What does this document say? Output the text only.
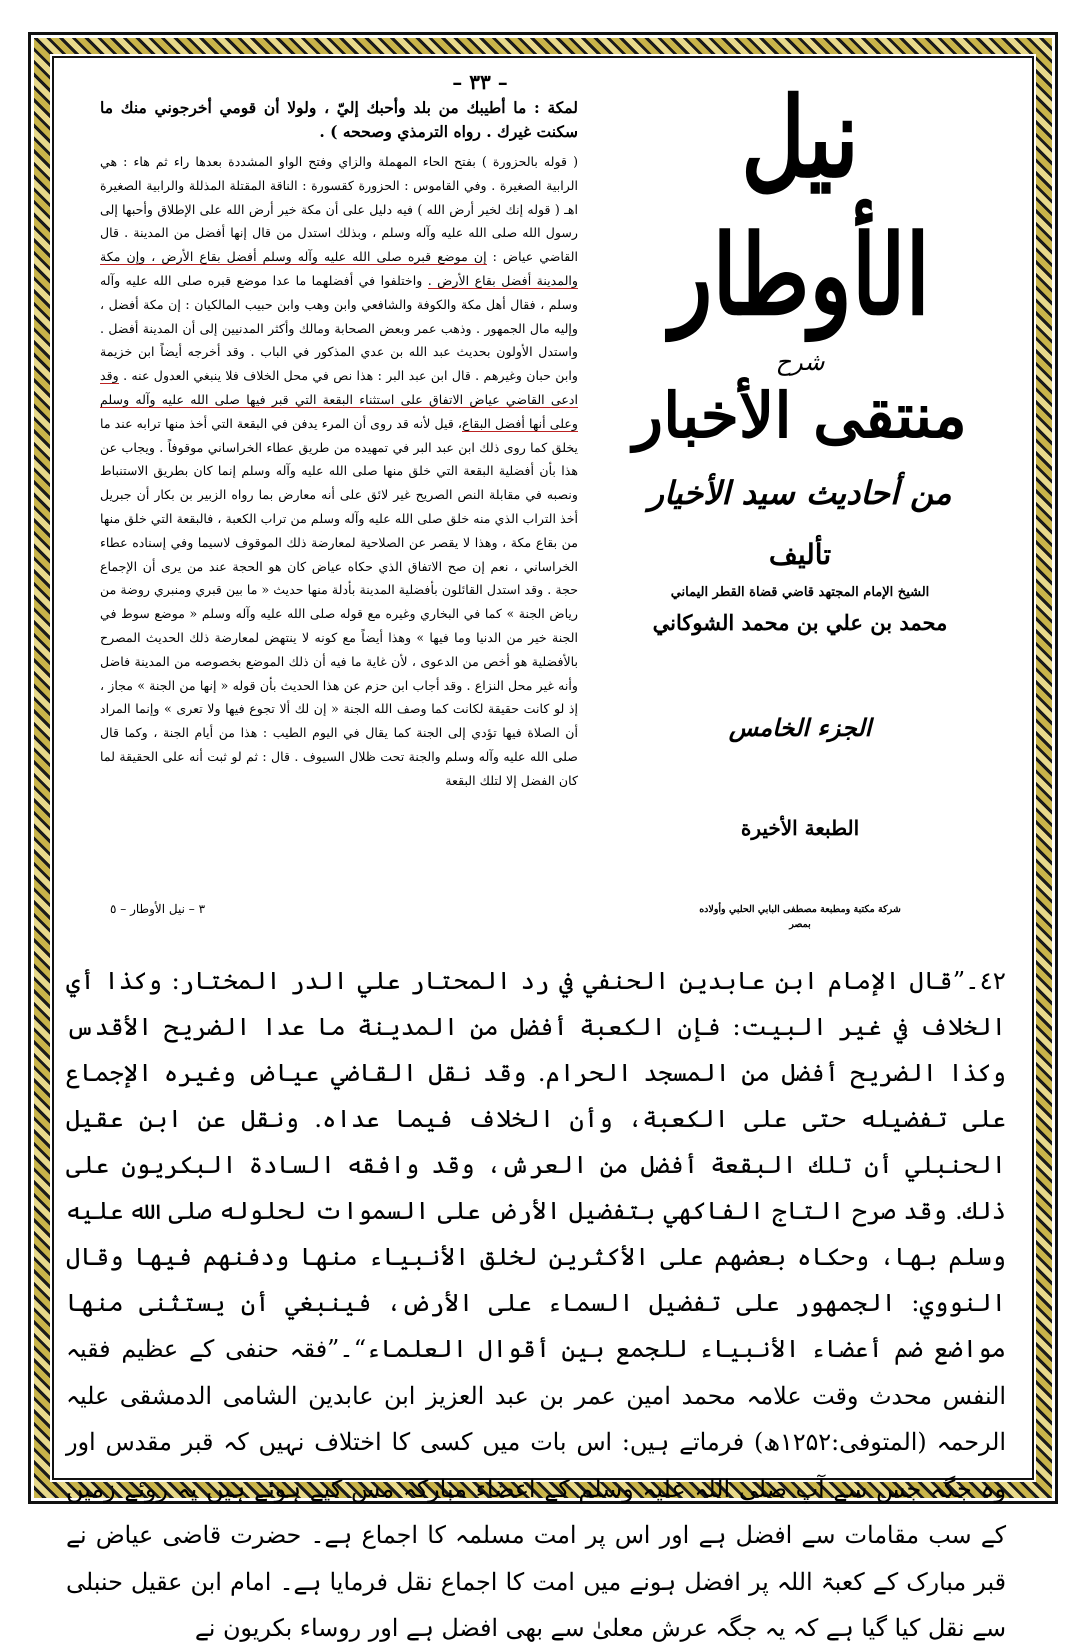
– ٣٣ –

لمكة : ما أطيبك من بلد وأحبك إليّ ، ولولا أن قومي أخرجوني منك ما سكنت غيرك . رواه الترمذي وصححه ) .

( قوله بالحزورة ) بفتح الحاء المهملة والزاي وفتح الواو المشددة بعدها راء ثم هاء : هي الرابية الصغيرة . وفي القاموس : الحزورة كقسورة : الناقة المقتلة المذللة والرابية الصغيرة اهـ ( قوله إنك لخير أرض الله ) فيه دليل على أن مكة خير أرض الله على الإطلاق وأحبها إلى رسول الله صلى الله عليه وآله وسلم ، وبذلك استدل من قال إنها أفضل من المدينة . قال القاضي عياض : إن موضع قبره صلى الله عليه وآله وسلم أفضل بقاع الأرض ، وإن مكة والمدينة أفضل بقاع الأرض . واختلفوا في أفضلهما ما عدا موضع قبره صلى الله عليه وآله وسلم ، فقال أهل مكة والكوفة والشافعي وابن وهب وابن حبيب المالكيان : إن مكة أفضل ، وإليه مال الجمهور . وذهب عمر وبعض الصحابة ومالك وأكثر المدنيين إلى أن المدينة أفضل . واستدل الأولون بحديث عبد الله بن عدي المذكور في الباب . وقد أخرجه أيضاً ابن خزيمة وابن حبان وغيرهم . قال ابن عبد البر : هذا نص في محل الخلاف فلا ينبغي العدول عنه . وقد ادعى القاضي عياض الاتفاق على استثناء البقعة التي قبر فيها صلى الله عليه وآله وسلم وعلى أنها أفضل البقاع، قيل لأنه قد روى أن المرء يدفن في البقعة التي أخذ منها ترابه عند ما يخلق كما روى ذلك ابن عبد البر في تمهيده من طريق عطاء الخراساني موقوفاً . ويجاب عن هذا بأن أفضلية البقعة التي خلق منها صلى الله عليه وآله وسلم إنما كان بطريق الاستنباط ونصبه في مقابلة النص الصريح غير لائق على أنه معارض بما رواه الزبير بن بكار أن جبريل أخذ التراب الذي منه خلق صلى الله عليه وآله وسلم من تراب الكعبة ، فالبقعة التي خلق منها من بقاع مكة ، وهذا لا يقصر عن الصلاحية لمعارضة ذلك الموقوف لاسيما وفي إسناده عطاء الخراساني ، نعم إن صح الاتفاق الذي حكاه عياض كان هو الحجة عند من يرى أن الإجماع حجة . وقد استدل القائلون بأفضلية المدينة بأدلة منها حديث « ما بين قبري ومنبري روضة من رياض الجنة » كما في البخاري وغيره مع قوله صلى الله عليه وآله وسلم « موضع سوط في الجنة خير من الدنيا وما فيها » وهذا أيضاً مع كونه لا ينتهض لمعارضة ذلك الحديث المصرح بالأفضلية هو أخص من الدعوى ، لأن غاية ما فيه أن ذلك الموضع بخصوصه من المدينة فاضل وأنه غير محل النزاع . وقد أجاب ابن حزم عن هذا الحديث بأن قوله « إنها من الجنة » مجاز ، إذ لو كانت حقيقة لكانت كما وصف الله الجنة « إن لك ألا تجوع فيها ولا تعرى » وإنما المراد أن الصلاة فيها تؤدي إلى الجنة كما يقال في اليوم الطيب : هذا من أيام الجنة ، وكما قال صلى الله عليه وآله وسلم والجنة تحت ظلال السيوف . قال : ثم لو ثبت أنه على الحقيقة لما كان الفضل إلا لتلك البقعة

٣ – نيل الأوطار – ٥
نيل الأوطار
شرح
منتقى الأخبار
من أحاديث سيد الأخيار
تأليف
الشيخ الإمام المجتهد قاضي قضاة القطر اليماني
محمد بن علي بن محمد الشوكاني
الجزء الخامس
الطبعة الأخيرة
شركة مكتبة ومطبعة مصطفى البابي الحلبي وأولاده
بمصر

٤٢۔”قال الإمام ابن عابدين الحنفي في رد المحتار علي الدر المختار: وكذا أي الخلاف في غير البيت: فإن الكعبة أفضل من المدينة ما عدا الضريح الأقدس وكذا الضريح أفضل من المسجد الحرام. وقد نقل القاضي عياض وغيره الإجماع على تفضيله حتى على الكعبة، وأن الخلاف فيما عداه. ونقل عن ابن عقيل الحنبلي أن تلك البقعة أفضل من العرش، وقد وافقه السادة البكريون على ذلك. وقد صرح التاج الفاكهي بتفضيل الأرض على السموات لحلوله صلى الله عليه وسلم بها، وحكاه بعضهم على الأكثرين لخلق الأنبياء منها ودفنهم فيها وقال النووي: الجمهور على تفضيل السماء على الأرض، فينبغي أن يستثنى منها مواضع ضم أعضاء الأنبياء للجمع بين أقوال العلماء“۔”فقہ حنفی کے عظیم فقیہ النفس محدث وقت علامہ محمد امین عمر بن عبد العزیز ابن عابدین الشامی الدمشقی علیہ الرحمہ (المتوفی:۱۲۵۲ھ) فرماتے ہیں: اس بات میں کسی کا اختلاف نہیں کہ قبر مقدس اور وہ جگہ جس سے آپ صلی اللہ علیہ وسلم کے اعضاء مبارکہ مس کیے ہوئے ہیں یہ روئے زمین کے سب مقامات سے افضل ہے اور اس پر امت مسلمہ کا اجماع ہے۔ حضرت قاضی عیاض نے قبر مبارک کے کعبۃ اللہ پر افضل ہونے میں امت کا اجماع نقل فرمایا ہے۔ امام ابن عقیل حنبلی سے نقل کیا گیا ہے کہ یہ جگہ عرش معلیٰ سے بھی افضل ہے اور روساء بکریون نے
